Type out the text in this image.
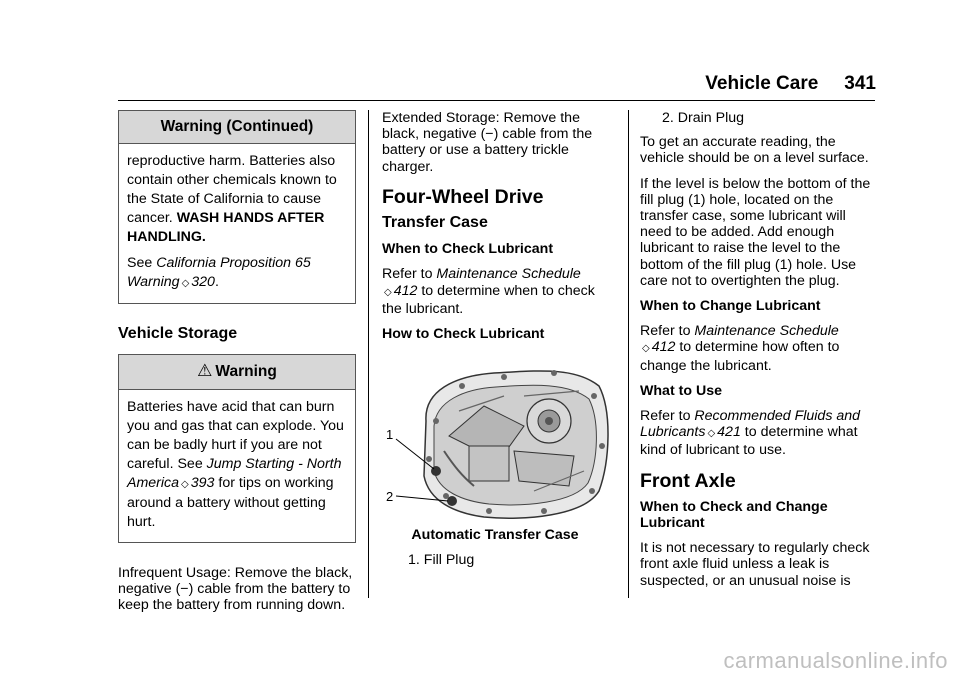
Vehicle Care 341
Warning (Continued)

reproductive harm. Batteries also contain other chemicals known to the State of California to cause cancer. WASH HANDS AFTER HANDLING.

See California Proposition 65 Warning ◇ 320.

Vehicle Storage
⚠ Warning

Batteries have acid that can burn you and gas that can explode. You can be badly hurt if you are not careful. See Jump Starting - North America ◇ 393 for tips on working around a battery without getting hurt.

Infrequent Usage: Remove the black, negative (−) cable from the battery to keep the battery from running down.

Extended Storage: Remove the black, negative (−) cable from the battery or use a battery trickle charger.

Four-Wheel Drive
Transfer Case

When to Check Lubricant

Refer to Maintenance Schedule
◇ 412 to determine when to check the lubricant.

How to Check Lubricant

1
2

Automatic Transfer Case

1. Fill Plug

2. Drain Plug

To get an accurate reading, the vehicle should be on a level surface.

If the level is below the bottom of the fill plug (1) hole, located on the transfer case, some lubricant will need to be added. Add enough lubricant to raise the level to the bottom of the fill plug (1) hole. Use care not to overtighten the plug.

When to Change Lubricant

Refer to Maintenance Schedule
◇ 412 to determine how often to change the lubricant.

What to Use

Refer to Recommended Fluids and Lubricants ◇ 421 to determine what kind of lubricant to use.

Front Axle

When to Check and Change Lubricant

It is not necessary to regularly check front axle fluid unless a leak is suspected, or an unusual noise is

carmanualsonline.info
